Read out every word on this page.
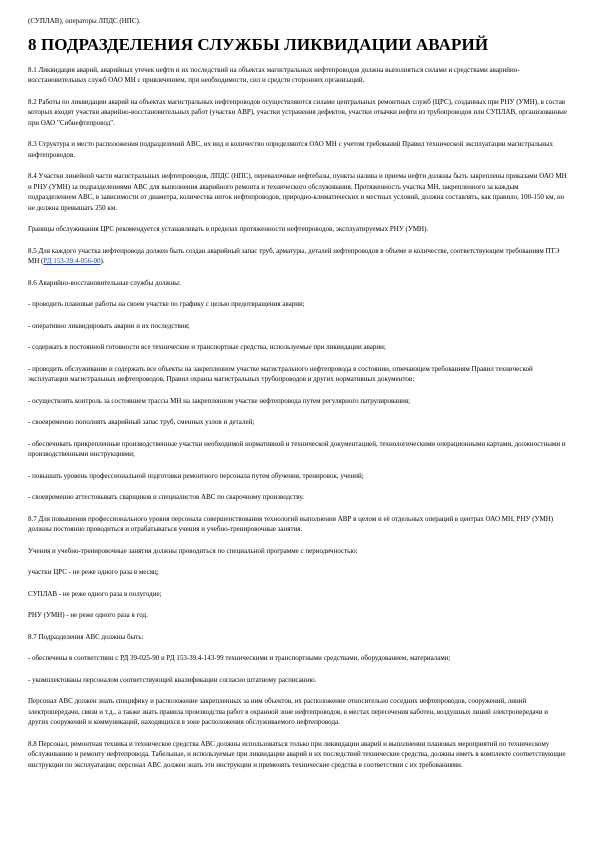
(СУПЛАВ), операторы ЛПДС (НПС).
8 ПОДРАЗДЕЛЕНИЯ СЛУЖБЫ ЛИКВИДАЦИИ АВАРИЙ

8.1 Ликвидация аварий, аварийных утечек нефти и их последствий на объектах магистральных нефтепроводов должна выполняться силами и средствами аварийно-восстановительных служб ОАО МН с привлечением, при необходимости, сил и средств сторонних организаций.

8.2 Работы по ликвидации аварий на объектах магистральных нефтепроводов осуществляются силами центральных ремонтных служб (ЦРС), созданных при РНУ (УМН), в состав которых входят участки аварийно-восстановительных работ (участки АВР), участки устранения дефектов, участки откачки нефти из трубопроводов или СУПЛАВ, организованные при ОАО "Сибнефтепровод".

8.3 Структура и место расположения подразделений АВС, их вид и количество определяются ОАО МН с учетом требований Правил технической эксплуатации магистральных нефтепроводов.

8.4 Участки линейной части магистральных нефтепроводов, ЛПДС (НПС), перевалочные нефтебазы, пункты налива и приема нефти должны быть закреплены приказами ОАО МН и РНУ (УМН) за подразделениями АВС для выполнения аварийного ремонта и технического обслуживания. Протяженность участка МН, закрепленного за каждым подразделением АВС, в зависимости от диаметра, количества ниток нефтепроводов, природно-климатических и местных условий, должна составлять, как правило, 100-150 км, но не должна превышать 250 км.

Границы обслуживания ЦРС рекомендуется устанавливать в пределах протяженности нефтепроводов, эксплуатируемых РНУ (УМН).

8.5 Для каждого участка нефтепровода должен быть создан аварийный запас труб, арматуры, деталей нефтепроводов в объеме и количестве, соответствующем требованиям ПТЭ МН (РД 153-39.4-056-00).

8.6 Аварийно-восстановительные службы должны:

- проводить плановые работы на своем участке по графику с целью предотвращения аварии;

- оперативно ликвидировать аварии и их последствия;

- содержать в постоянной готовности все технические и транспортные средства, используемые при ликвидации аварии;

- проводить обслуживание и содержать все объекты на закрепленном участке магистрального нефтепровода в состоянии, отвечающем требованиям Правил технической эксплуатации магистральных нефтепроводов, Правил охраны магистральных трубопроводов и других нормативных документов;

- осуществлять контроль за состоянием трассы МН на закрепленном участке нефтепровода путем регулярного патрулирования;

- своевременно пополнять аварийный запас труб, сменных узлов и деталей;

- обеспечивать прикрепленные производственные участки необходимой нормативной и технической документацией, технологическими операционными картами, должностными и производственными инструкциями;

- повышать уровень профессиональной подготовки ремонтного персонала путем обучения, тренировок, учений;

- своевременно аттестовывать сварщиков и специалистов АВС по сварочному производству.

8.7 Для повышения профессионального уровня персонала совершенствования технологий выполнения АВР в целом и её отдельных операций в центрах ОАО МН, РНУ (УМН) должны постоянно проводиться и отрабатываться учения и учебно-тренировочные занятия.

Учения и учебно-тренировочные занятия должны проводиться по специальной программе с периодичностью:

участки ЦРС - не реже одного раза в месяц;

СУПЛАВ - не реже одного раза в полугодие;

РНУ (УМН) - не реже одного раза в год.

8.7 Подразделения АВС должны быть:

- обеспечены в соответствии с РД 39-025-90 и РД 153-39.4-143-99 техническими и транспортными средствами, оборудованием, материалами;

- укомплектованы персоналом соответствующей квалификации согласно штатному расписанию.

Персонал АВС должен знать специфику и расположение закрепленных за ним объектов, их расположение относительно соседних нефтепроводов, сооружений, линий электропередачи, связи и т.д., а также знать правила производства работ в охранной зоне нефтепроводов, в местах пересечения каботен, воздушных линий электропередачи и других сооружений и коммуникаций, находящихся в зоне расположения обслуживаемого нефтепровода.

8.8 Персонал, ремонтная техника и техническое средства АВС должны использоваться только при ликвидации аварий и выполнении плановых мероприятий по техническому обслуживанию и ремонту нефтепровода. Табельные, и используемые при ликвидации аварий и их последствий технические средства, должны иметь в комплекте соответствующие инструкции по эксплуатации; персонал АВС должен знать эти инструкции и применять технические средства в соответствии с их требованиями.
